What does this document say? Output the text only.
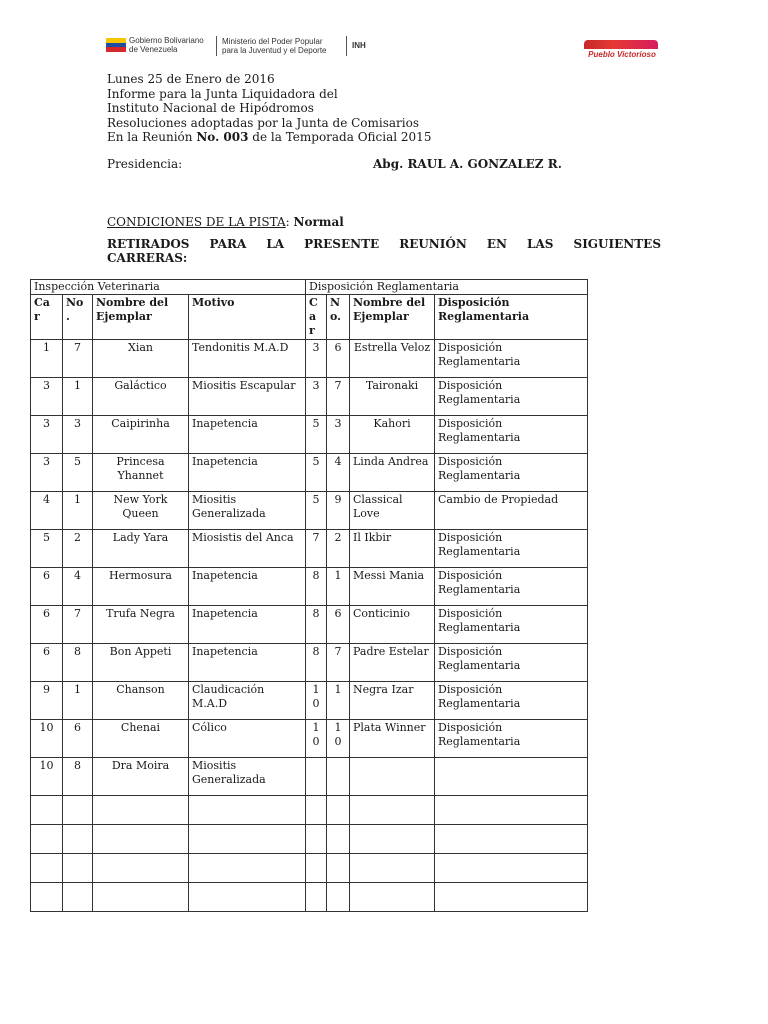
Gobierno Bolivariano
de Venezuela
Ministerio del Poder Popular
para la Juventud y el Deporte
INH
Pueblo Victorioso
Lunes 25 de Enero de 2016
Informe para la Junta Liquidadora del
Instituto Nacional de Hipódromos
Resoluciones adoptadas por la Junta de Comisarios
En la Reunión No. 003 de la Temporada Oficial 2015
Presidencia:	Abg. RAUL A. GONZALEZ R.
CONDICIONES DE LA PISTA: Normal
RETIRADOS PARA LA PRESENTE REUNIÓN EN LAS SIGUIENTES
CARRERAS:
Inspección Veterinaria				Disposición Reglamentaria			
Ca r	No .	Nombre del Ejemplar	Motivo	C a r	N o.	Nombre del Ejemplar	Disposición Reglamentaria
1	7	Xian	Tendonitis M.A.D	3	6	Estrella Veloz	Disposición Reglamentaria
3	1	Galáctico	Miositis Escapular	3	7	Taironaki	Disposición Reglamentaria
3	3	Caipirinha	Inapetencia	5	3	Kahori	Disposición Reglamentaria
3	5	Princesa Yhannet	Inapetencia	5	4	Linda Andrea	Disposición Reglamentaria
4	1	New York Queen	Miositis Generalizada	5	9	Classical Love	Cambio de Propiedad
5	2	Lady Yara	Miosistis del Anca	7	2	Il Ikbir	Disposición Reglamentaria
6	4	Hermosura	Inapetencia	8	1	Messi Mania	Disposición Reglamentaria
6	7	Trufa Negra	Inapetencia	8	6	Conticinio	Disposición Reglamentaria
6	8	Bon Appeti	Inapetencia	8	7	Padre Estelar	Disposición Reglamentaria
9	1	Chanson	Claudicación M.A.D	1 0	1	Negra Izar	Disposición Reglamentaria
10	6	Chenai	Cólico	1 0	1 0	Plata Winner	Disposición Reglamentaria
10	8	Dra Moira	Miositis Generalizada				
